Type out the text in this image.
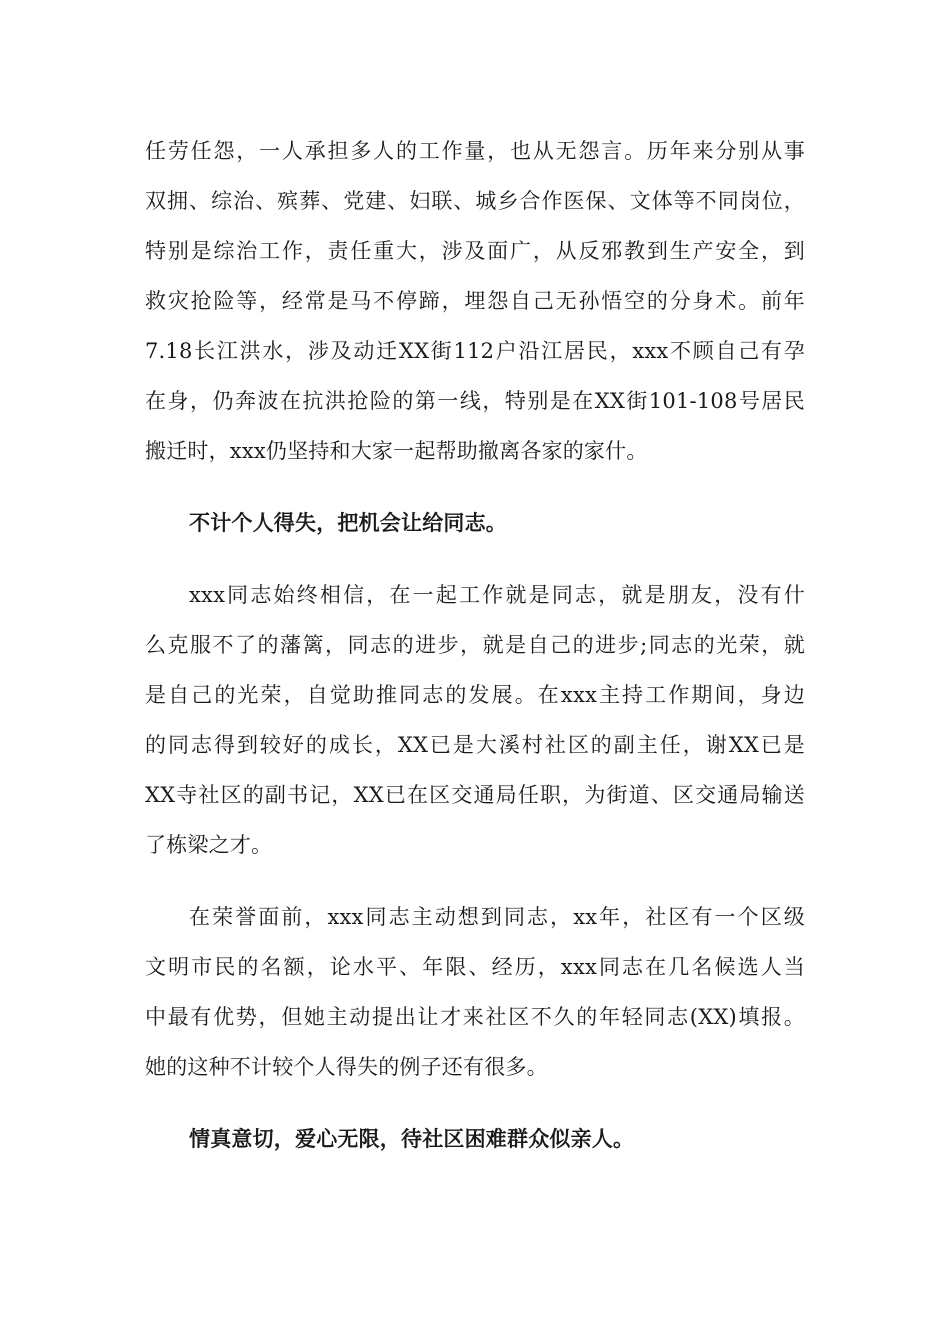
任劳任怨，一人承担多人的工作量，也从无怨言。历年来分别从事
双拥、综治、殡葬、党建、妇联、城乡合作医保、文体等不同岗位，
特别是综治工作，责任重大，涉及面广，从反邪教到生产安全，到
救灾抢险等，经常是马不停蹄，埋怨自己无孙悟空的分身术。前年
7.18长江洪水，涉及动迁XX街112户沿江居民，xxx不顾自己有孕
在身，仍奔波在抗洪抢险的第一线，特别是在XX街101-108号居民
搬迁时，xxx仍坚持和大家一起帮助撤离各家的家什。
不计个人得失，把机会让给同志。
xxx同志始终相信，在一起工作就是同志，就是朋友，没有什
么克服不了的藩篱，同志的进步，就是自己的进步;同志的光荣，就
是自己的光荣，自觉助推同志的发展。在xxx主持工作期间，身边
的同志得到较好的成长，XX已是大溪村社区的副主任，谢XX已是
XX寺社区的副书记，XX已在区交通局任职，为街道、区交通局输送
了栋梁之才。
在荣誉面前，xxx同志主动想到同志，xx年，社区有一个区级
文明市民的名额，论水平、年限、经历，xxx同志在几名候选人当
中最有优势，但她主动提出让才来社区不久的年轻同志(XX)填报。
她的这种不计较个人得失的例子还有很多。
情真意切，爱心无限，待社区困难群众似亲人。
